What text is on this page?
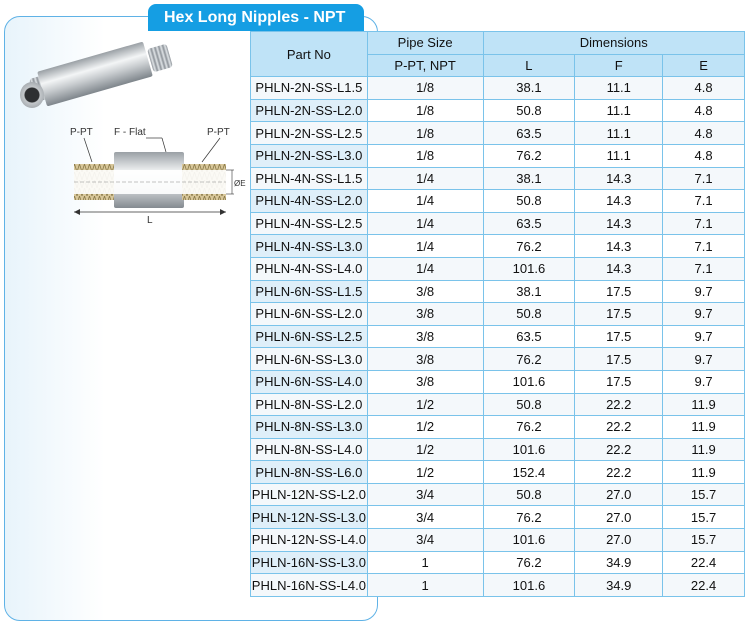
Hex Long Nipples - NPT
P-PT F - Flat	P-PT
ØE
L
Part No	Pipe Size	Dimensions		
	P-PT, NPT	L	F	E
PHLN-2N-SS-L1.5	1/8	38.1	11.1	4.8
PHLN-2N-SS-L2.0	1/8	50.8	11.1	4.8
PHLN-2N-SS-L2.5	1/8	63.5	11.1	4.8
PHLN-2N-SS-L3.0	1/8	76.2	11.1	4.8
PHLN-4N-SS-L1.5	1/4	38.1	14.3	7.1
PHLN-4N-SS-L2.0	1/4	50.8	14.3	7.1
PHLN-4N-SS-L2.5	1/4	63.5	14.3	7.1
PHLN-4N-SS-L3.0	1/4	76.2	14.3	7.1
PHLN-4N-SS-L4.0	1/4	101.6	14.3	7.1
PHLN-6N-SS-L1.5	3/8	38.1	17.5	9.7
PHLN-6N-SS-L2.0	3/8	50.8	17.5	9.7
PHLN-6N-SS-L2.5	3/8	63.5	17.5	9.7
PHLN-6N-SS-L3.0	3/8	76.2	17.5	9.7
PHLN-6N-SS-L4.0	3/8	101.6	17.5	9.7
PHLN-8N-SS-L2.0	1/2	50.8	22.2	11.9
PHLN-8N-SS-L3.0	1/2	76.2	22.2	11.9
PHLN-8N-SS-L4.0	1/2	101.6	22.2	11.9
PHLN-8N-SS-L6.0	1/2	152.4	22.2	11.9
PHLN-12N-SS-L2.0	3/4	50.8	27.0	15.7
PHLN-12N-SS-L3.0	3/4	76.2	27.0	15.7
PHLN-12N-SS-L4.0	3/4	101.6	27.0	15.7
PHLN-16N-SS-L3.0	1	76.2	34.9	22.4
PHLN-16N-SS-L4.0	1	101.6	34.9	22.4
